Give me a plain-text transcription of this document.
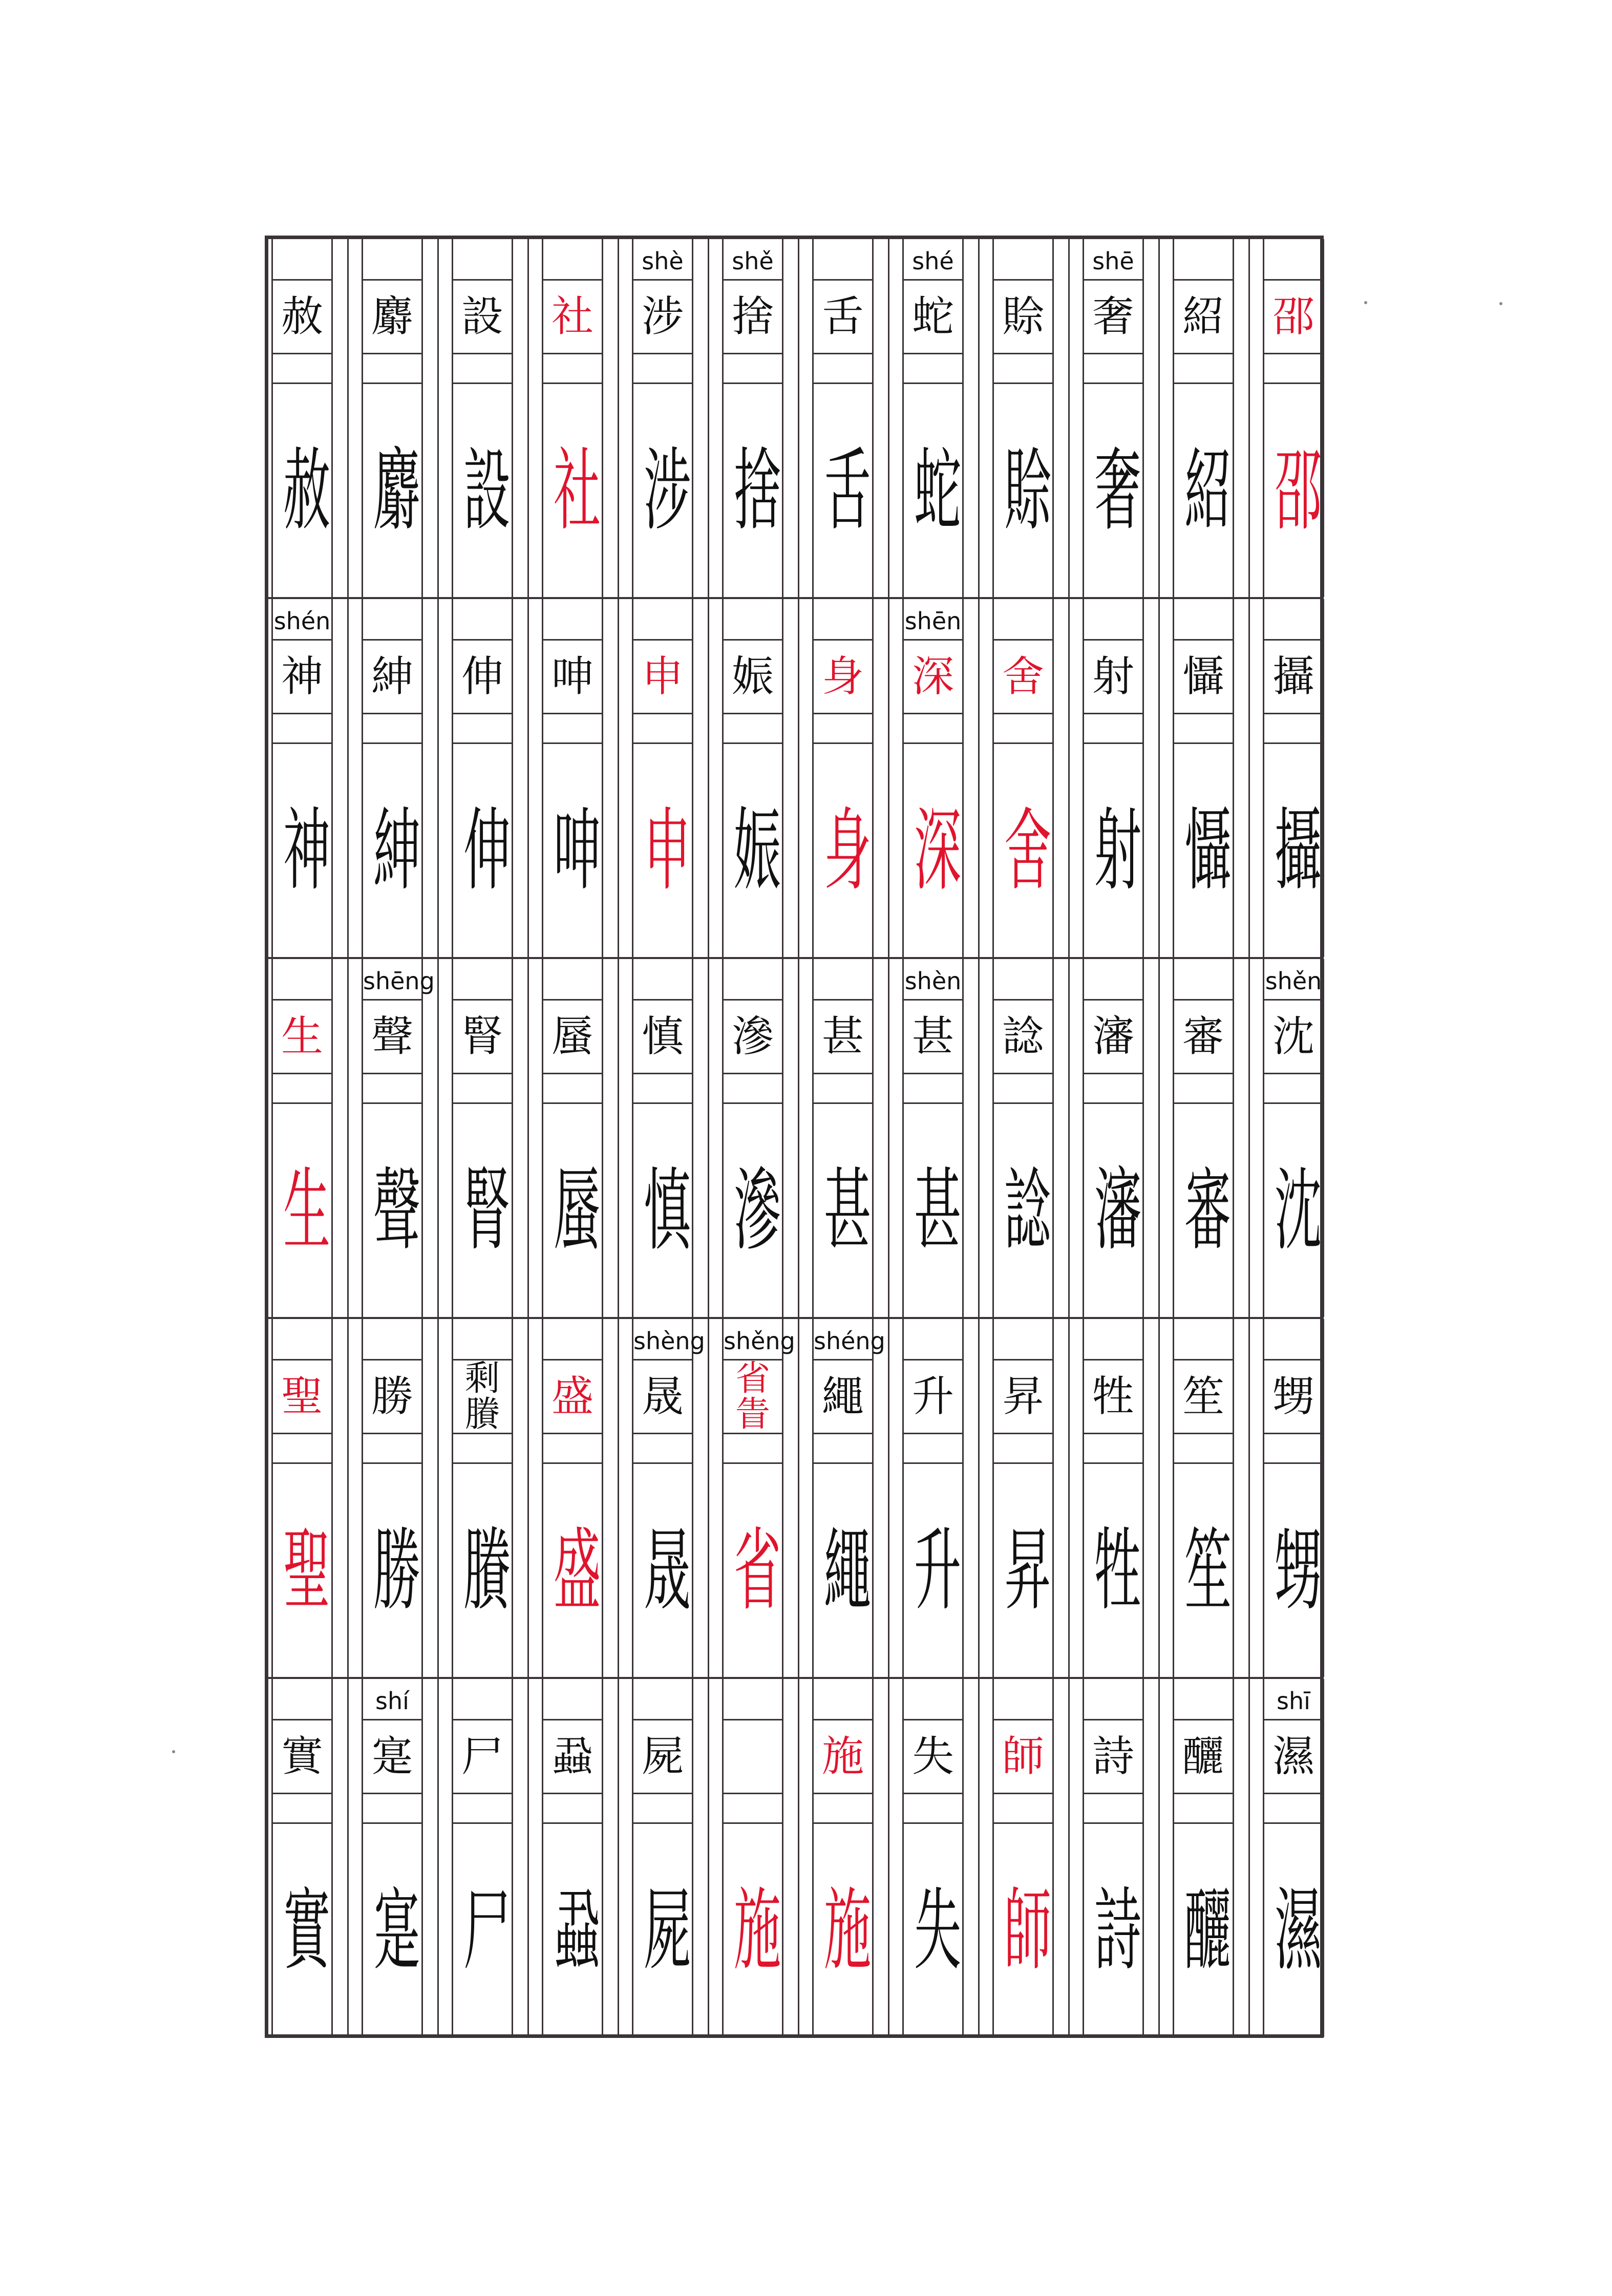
赦
赦
麝
麝
設
設
社
社
shè
涉
涉
shě
捨
捨
舌
舌
shé
蛇
蛇
賒
賒
shē
奢
奢
紹
紹
邵
邵
shén
神
神
紳
紳
伸
伸
呻
呻
申
申
娠
娠
身
身
shēn
深
深
舍
舍
射
射
懾
懾
攝
攝
生
生
shēng
聲
聲
腎
腎
蜃
蜃
慎
慎
滲
滲
甚
甚
shèn
甚
甚
諗
諗
瀋
瀋
審
審
shěn
沈
沈
聖
聖
勝
勝
剩賸
賸
盛
盛
shèng
晟
晟
shěng
省眚
省
shéng
繩
繩
升
升
昇
昇
牲
牲
笙
笙
甥
甥
實
實
shí
寔
寔
尸
尸
蝨
蝨
屍
屍 施
施
施
失
失
師
師
詩
詩
釃
釃
shī
濕
濕
